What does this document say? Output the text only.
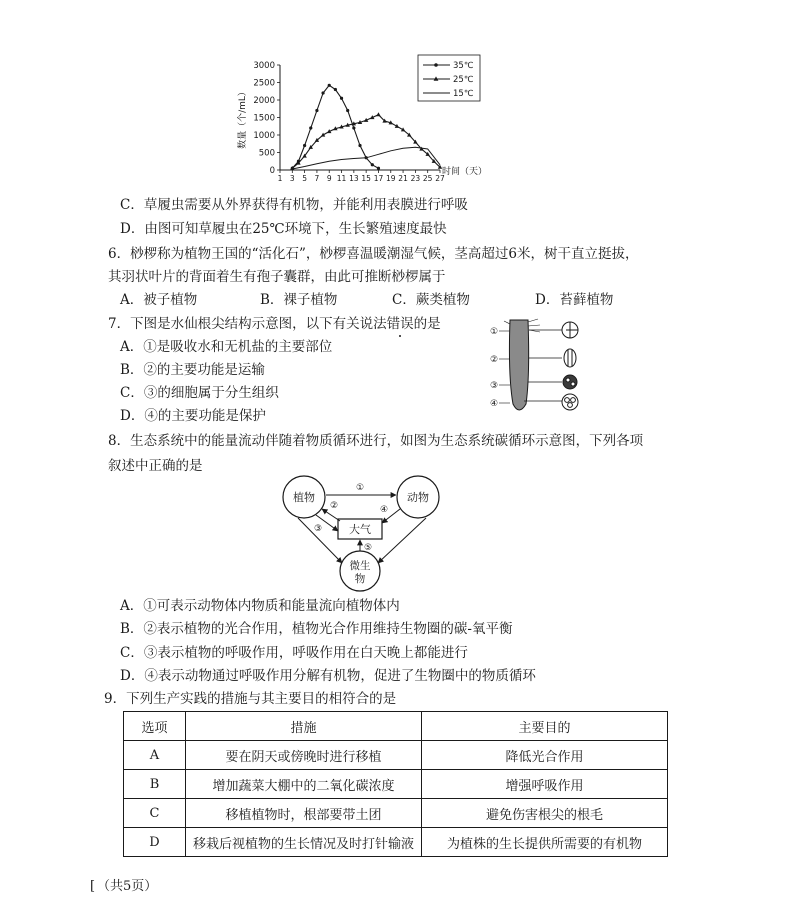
0
500
1000
1500
2000
2500
3000
1 3 5 7 9 11 13 15 17 19 21 23 25 27
数量（个/mL）
时间（天）
35℃
25℃
15℃
C．草履虫需要从外界获得有机物，并能利用表膜进行呼吸
D．由图可知草履虫在25℃环境下，生长繁殖速度最快
6．桫椤称为植物王国的“活化石”，桫椤喜温暖潮湿气候，茎高超过6米，树干直立挺拔，
其羽状叶片的背面着生有孢子囊群，由此可推断桫椤属于
A．被子植物	B．裸子植物	C．蕨类植物	D．苔藓植物
7．下图是水仙根尖结构示意图，以下有关说法错误的是
A．①是吸收水和无机盐的主要部位
B．②的主要功能是运输
C．③的细胞属于分生组织
D．④的主要功能是保护
①
②
③
④
8．生态系统中的能量流动伴随着物质循环进行，如图为生态系统碳循环示意图，下列各项
叙述中正确的是
植物	动物
大气
微生
物
①
②
③
④
⑤
A．①可表示动物体内物质和能量流向植物体内
B．②表示植物的光合作用，植物光合作用维持生物圈的碳-氧平衡
C．③表示植物的呼吸作用，呼吸作用在白天晚上都能进行
D．④表示动物通过呼吸作用分解有机物，促进了生物圈中的物质循环
9．下列生产实践的措施与其主要目的相符合的是
选项	措施	主要目的
A	要在阴天或傍晚时进行移植	降低光合作用
B	增加蔬菜大棚中的二氧化碳浓度	增强呼吸作用
C	移植植物时，根部要带土团	避免伤害根尖的根毛
D	移栽后视植物的生长情况及时打针输液	为植株的生长提供所需要的有机物
[ （共5页）
